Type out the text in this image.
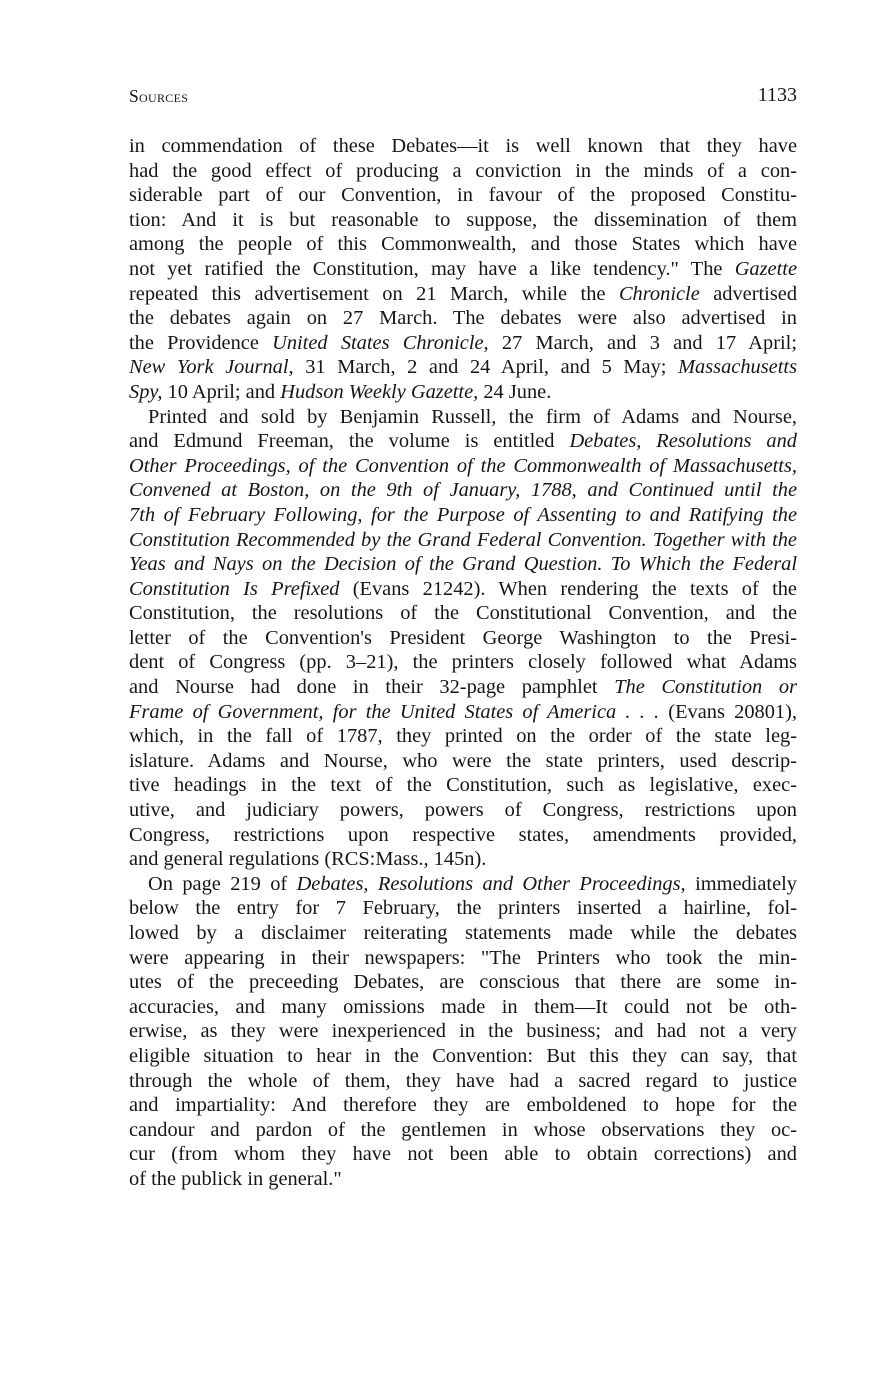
Sources	1133
in commendation of these Debates—it is well known that they have
had the good effect of producing a conviction in the minds of a con-
siderable part of our Convention, in favour of the proposed Constitu-
tion: And it is but reasonable to suppose, the dissemination of them
among the people of this Commonwealth, and those States which have
not yet ratified the Constitution, may have a like tendency." The Gazette
repeated this advertisement on 21 March, while the Chronicle advertised
the debates again on 27 March. The debates were also advertised in
the Providence United States Chronicle, 27 March, and 3 and 17 April;
New York Journal, 31 March, 2 and 24 April, and 5 May; Massachusetts
Spy, 10 April; and Hudson Weekly Gazette, 24 June.
Printed and sold by Benjamin Russell, the firm of Adams and Nourse,
and Edmund Freeman, the volume is entitled Debates, Resolutions and
Other Proceedings, of the Convention of the Commonwealth of Massachusetts,
Convened at Boston, on the 9th of January, 1788, and Continued until the
7th of February Following, for the Purpose of Assenting to and Ratifying the
Constitution Recommended by the Grand Federal Convention. Together with the
Yeas and Nays on the Decision of the Grand Question. To Which the Federal
Constitution Is Prefixed (Evans 21242). When rendering the texts of the
Constitution, the resolutions of the Constitutional Convention, and the
letter of the Convention's President George Washington to the Presi-
dent of Congress (pp. 3–21), the printers closely followed what Adams
and Nourse had done in their 32-page pamphlet The Constitution or
Frame of Government, for the United States of America . . . (Evans 20801),
which, in the fall of 1787, they printed on the order of the state leg-
islature. Adams and Nourse, who were the state printers, used descrip-
tive headings in the text of the Constitution, such as legislative, exec-
utive, and judiciary powers, powers of Congress, restrictions upon
Congress, restrictions upon respective states, amendments provided,
and general regulations (RCS:Mass., 145n).
On page 219 of Debates, Resolutions and Other Proceedings, immediately
below the entry for 7 February, the printers inserted a hairline, fol-
lowed by a disclaimer reiterating statements made while the debates
were appearing in their newspapers: "The Printers who took the min-
utes of the preceeding Debates, are conscious that there are some in-
accuracies, and many omissions made in them—It could not be oth-
erwise, as they were inexperienced in the business; and had not a very
eligible situation to hear in the Convention: But this they can say, that
through the whole of them, they have had a sacred regard to justice
and impartiality: And therefore they are emboldened to hope for the
candour and pardon of the gentlemen in whose observations they oc-
cur (from whom they have not been able to obtain corrections) and
of the publick in general."
